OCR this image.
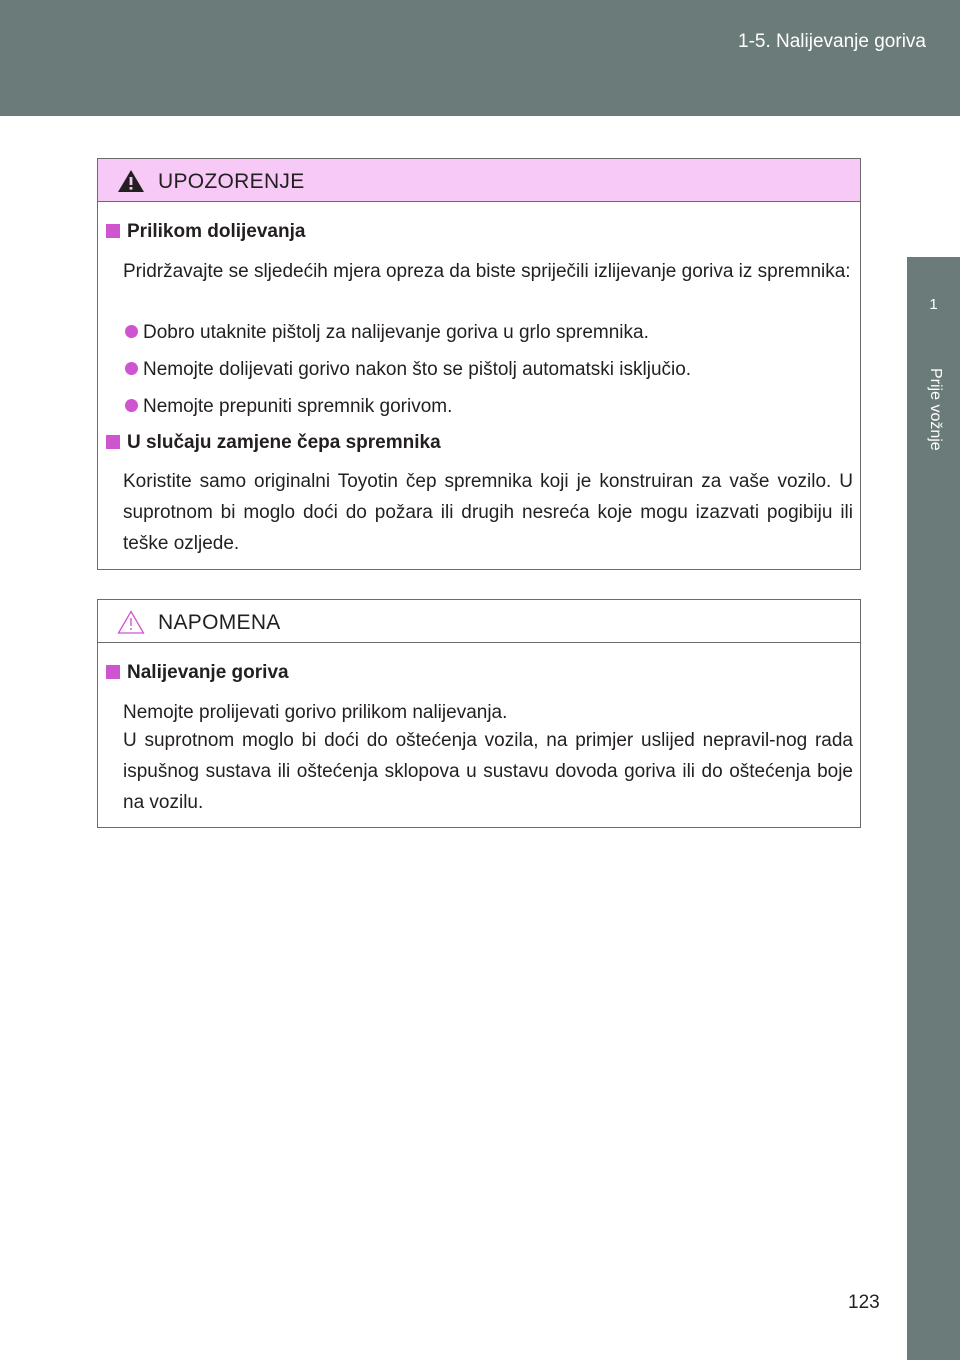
1-5. Nalijevanje goriva
1
Prije vožnje
UPOZORENJE
Prilikom dolijevanja
Pridržavajte se sljedećih mjera opreza da biste spriječili izlijevanje goriva iz spremnika:
Dobro utaknite pištolj za nalijevanje goriva u grlo spremnika.
Nemojte dolijevati gorivo nakon što se pištolj automatski isključio.
Nemojte prepuniti spremnik gorivom.
U slučaju zamjene čepa spremnika
Koristite samo originalni Toyotin čep spremnika koji je konstruiran za vaše vozilo. U suprotnom bi moglo doći do požara ili drugih nesreća koje mogu izazvati pogibiju ili teške ozljede.
NAPOMENA
Nalijevanje goriva
Nemojte prolijevati gorivo prilikom nalijevanja.
U suprotnom moglo bi doći do oštećenja vozila, na primjer uslijed nepravil-nog rada ispušnog sustava ili oštećenja sklopova u sustavu dovoda goriva ili do oštećenja boje na vozilu.
123
